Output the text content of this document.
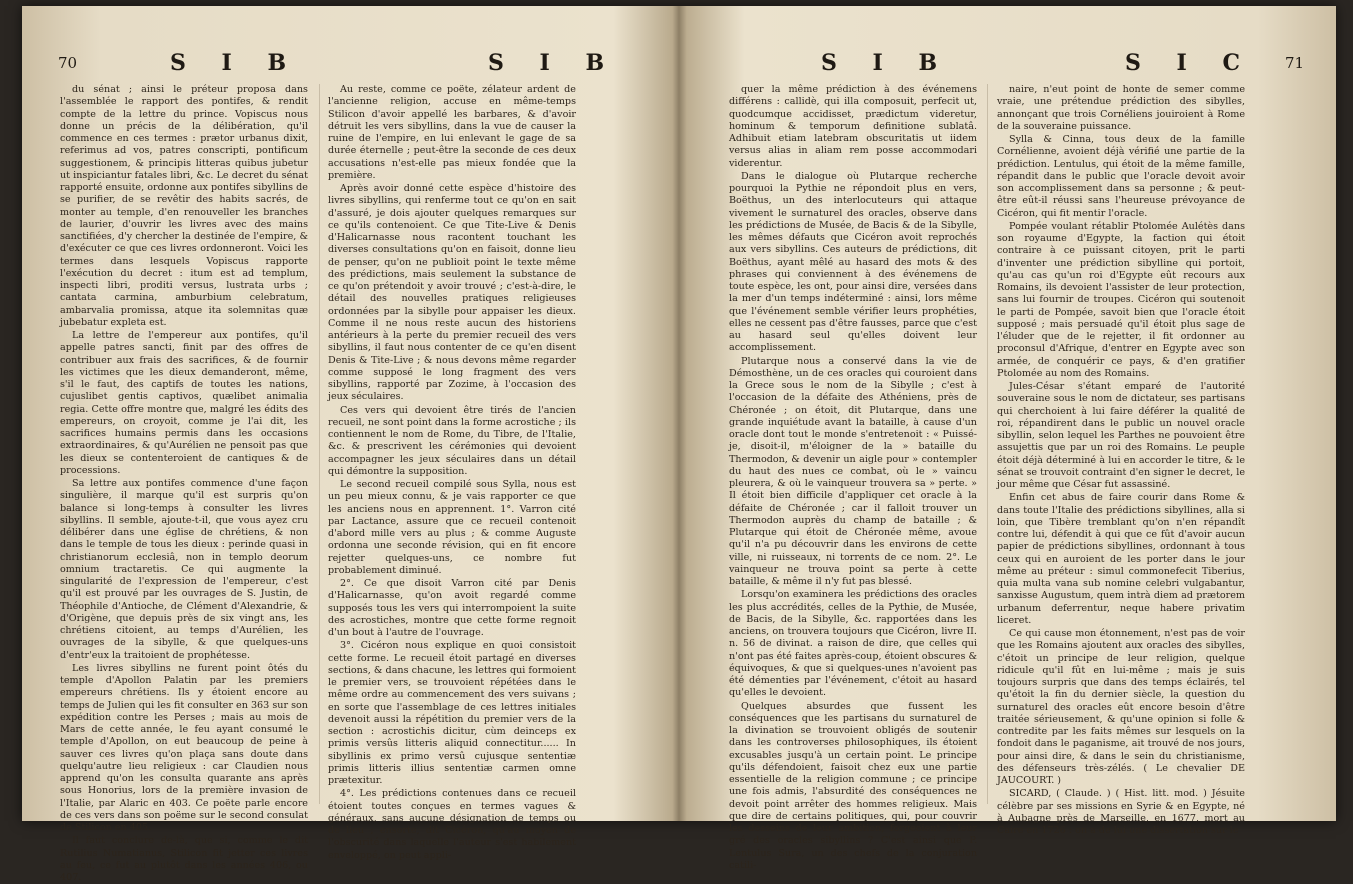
70	S I B	S I B

du sénat ; ainsi le préteur proposa dans l'assemblée le rapport des pontifes, & rendit compte de la lettre du prince. Vopiscus nous donne un précis de la délibération, qu'il commence en ces termes : prætor urbanus dixit, referimus ad vos, patres conscripti, pontificum suggestionem, & principis litteras quibus jubetur ut inspiciantur fatales libri, &c. Le decret du sénat rapporté ensuite, ordonne aux pontifes sibyllins de se purifier, de se revêtir des habits sacrés, de monter au temple, d'en renouveller les branches de laurier, d'ouvrir les livres avec des mains sanctifiées, d'y chercher la destinée de l'empire, & d'exécuter ce que ces livres ordonneront. Voici les termes dans lesquels Vopiscus rapporte l'exécution du decret : itum est ad templum, inspecti libri, proditi versus, lustrata urbs ; cantata carmina, amburbium celebratum, ambarvalia promissa, atque ita solemnitas quæ jubebatur expleta est.

La lettre de l'empereur aux pontifes, qu'il appelle patres sancti, finit par des offres de contribuer aux frais des sacrifices, & de fournir les victimes que les dieux demanderont, même, s'il le faut, des captifs de toutes les nations, cujuslibet gentis captivos, quælibet animalia regia. Cette offre montre que, malgré les édits des empereurs, on croyoit, comme je l'ai dit, les sacrifices humains permis dans les occasions extraordinaires, & qu'Aurélien ne pensoit pas que les dieux se contenteroient de cantiques & de processions.

Sa lettre aux pontifes commence d'une façon singulière, il marque qu'il est surpris qu'on balance si long-temps à consulter les livres sibyllins. Il semble, ajoute-t-il, que vous ayez cru délibérer dans une église de chrétiens, & non dans le temple de tous les dieux : perinde quasi in christianorum ecclesiâ, non in templo deorum omnium tractaretis. Ce qui augmente la singularité de l'expression de l'empereur, c'est qu'il est prouvé par les ouvrages de S. Justin, de Théophile d'Antioche, de Clément d'Alexandrie, & d'Origène, que depuis près de six vingt ans, les chrétiens citoient, au temps d'Aurélien, les ouvrages de la sibylle, & que quelques-uns d'entr'eux la traitoient de prophétesse.

Les livres sibyllins ne furent point ôtés du temple d'Apollon Palatin par les premiers empereurs chrétiens. Ils y étoient encore au temps de Julien qui les fit consulter en 363 sur son expédition contre les Perses ; mais au mois de Mars de cette année, le feu ayant consumé le temple d'Apollon, on eut beaucoup de peine à sauver ces livres qu'on plaça sans doute dans quelqu'autre lieu religieux : car Claudien nous apprend qu'on les consulta quarante ans après sous Honorius, lors de la première invasion de l'Italie, par Alaric en 403. Ce poëte parle encore de ces vers dans son poëme sur le second consulat de Stilicon en 405.

Il faut conclure de-là, que si, comme le dit Rutilius Numatianus, Stilicon fit jetter ces livres au feu, ce fut au plutôt dans les années 406, ou 407.

Au reste, comme ce poëte, zélateur ardent de l'ancienne religion, accuse en même-temps Stilicon d'avoir appellé les barbares, & d'avoir détruit les vers sibyllins, dans la vue de causer la ruine de l'empire, en lui enlevant le gage de sa durée éternelle ; peut-être la seconde de ces deux accusations n'est-elle pas mieux fondée que la première.

Après avoir donné cette espèce d'histoire des livres sibyllins, qui renferme tout ce qu'on en sait d'assuré, je dois ajouter quelques remarques sur ce qu'ils contenoient. Ce que Tite-Live & Denis d'Halicarnasse nous racontent touchant les diverses consultations qu'on en faisoit, donne lieu de penser, qu'on ne publioit point le texte même des prédictions, mais seulement la substance de ce qu'on prétendoit y avoir trouvé ; c'est-à-dire, le détail des nouvelles pratiques religieuses ordonnées par la sibylle pour appaiser les dieux. Comme il ne nous reste aucun des historiens antérieurs à la perte du premier recueil des vers sibyllins, il faut nous contenter de ce qu'en disent Denis & Tite-Live ; & nous devons même regarder comme supposé le long fragment des vers sibyllins, rapporté par Zozime, à l'occasion des jeux séculaires.

Ces vers qui devoient être tirés de l'ancien recueil, ne sont point dans la forme acrostiche ; ils contiennent le nom de Rome, du Tibre, de l'Italie, &c. & prescrivent les cérémonies qui devoient accompagner les jeux séculaires dans un détail qui démontre la supposition.

Le second recueil compilé sous Sylla, nous est un peu mieux connu, & je vais rapporter ce que les anciens nous en apprennent. 1°. Varron cité par Lactance, assure que ce recueil contenoit d'abord mille vers au plus ; & comme Auguste ordonna une seconde révision, qui en fit encore rejetter quelques-uns, ce nombre fut probablement diminué.

2°. Ce que disoit Varron cité par Denis d'Halicarnasse, qu'on avoit regardé comme supposés tous les vers qui interrompoient la suite des acrostiches, montre que cette forme regnoit d'un bout à l'autre de l'ouvrage.

3°. Cicéron nous explique en quoi consistoit cette forme. Le recueil étoit partagé en diverses sections, & dans chacune, les lettres qui formoient le premier vers, se trouvoient répétées dans le même ordre au commencement des vers suivans ; en sorte que l'assemblage de ces lettres initiales devenoit aussi la répétition du premier vers de la section : acrostichis dicitur, cùm deinceps ex primis versûs litteris aliquid connectitur...... In sibyllinis ex primo versû cujusque sententiæ primis litteris illius sententiæ carmen omne prætexitur.

4°. Les prédictions contenues dans ce recueil étoient toutes conçues en termes vagues & généraux, sans aucune désignation de temps ou de lieu ; ensorte, dit Cicéron, qu'au moyen de l'obscurité dans laquelle l'auteur s'est habilement enveloppé, on peut appli-

S I B	S I C 71

quer la même prédiction à des événemens différens : callidè, qui illa composuit, perfecit ut, quodcumque accidisset, prædictum videretur, hominum & temporum definitione sublatâ. Adhibuit etiam latebram obscuritatis ut iidem versus alias in aliam rem posse accommodari viderentur.

Dans le dialogue où Plutarque recherche pourquoi la Pythie ne répondoit plus en vers, Boëthus, un des interlocuteurs qui attaque vivement le surnaturel des oracles, observe dans les prédictions de Musée, de Bacis & de la Sibylle, les mêmes défauts que Cicéron avoit reprochés aux vers sibyllins. Ces auteurs de prédictions, dit Boëthus, ayant mêlé au hasard des mots & des phrases qui conviennent à des événemens de toute espèce, les ont, pour ainsi dire, versées dans la mer d'un temps indéterminé : ainsi, lors même que l'événement semble vérifier leurs prophéties, elles ne cessent pas d'être fausses, parce que c'est au hasard seul qu'elles doivent leur accomplissement.

Plutarque nous a conservé dans la vie de Démosthène, un de ces oracles qui couroient dans la Grece sous le nom de la Sibylle ; c'est à l'occasion de la défaite des Athéniens, près de Chéronée ; on étoit, dit Plutarque, dans une grande inquiétude avant la bataille, à cause d'un oracle dont tout le monde s'entretenoit : « Puissé-je, disoit-il, m'éloigner de la » bataille du Thermodon, & devenir un aigle pour » contempler du haut des nues ce combat, où le » vaincu pleurera, & où le vainqueur trouvera sa » perte. » Il étoit bien difficile d'appliquer cet oracle à la défaite de Chéronée ; car il falloit trouver un Thermodon auprès du champ de bataille ; & Plutarque qui étoit de Chéronée même, avoue qu'il n'a pu découvrir dans les environs de cette ville, ni ruisseaux, ni torrents de ce nom. 2°. Le vainqueur ne trouva point sa perte à cette bataille, & même il n'y fut pas blessé.

Lorsqu'on examinera les prédictions des oracles les plus accrédités, celles de la Pythie, de Musée, de Bacis, de la Sibylle, &c. rapportées dans les anciens, on trouvera toujours que Cicéron, livre II. n. 56 de divinat. a raison de dire, que celles qui n'ont pas été faites après-coup, étoient obscures & équivoques, & que si quelques-unes n'avoient pas été démenties par l'événement, c'étoit au hasard qu'elles le devoient.

Quelques absurdes que fussent les conséquences que les partisans du surnaturel de la divination se trouvoient obligés de soutenir dans les controverses philosophiques, ils étoient excusables jusqu'à un certain point. Le principe qu'ils défendoient, faisoit chez eux une partie essentielle de la religion commune ; ce principe une fois admis, l'absurdité des conséquences ne devoit point arrêter des hommes religieux. Mais que dire de certains politiques, qui, pour couvrir les desseins de leur ambition, forgeoient à leur gré des oracles sibyllins ? C'est ainsi que P. Lentulus Sura, un des chefs de la conjuration catili-

naire, n'eut point de honte de semer comme vraie, une prétendue prédiction des sibylles, annonçant que trois Cornéliens jouiroient à Rome de la souveraine puissance.

Sylla & Cinna, tous deux de la famille Cornélienne, avoient déjà vérifié une partie de la prédiction. Lentulus, qui étoit de la même famille, répandit dans le public que l'oracle devoit avoir son accomplissement dans sa personne ; & peut-être eût-il réussi sans l'heureuse prévoyance de Cicéron, qui fit mentir l'oracle.

Pompée voulant rétablir Ptolomée Aulétès dans son royaume d'Egypte, la faction qui étoit contraire à ce puissant citoyen, prit le parti d'inventer une prédiction sibylline qui portoit, qu'au cas qu'un roi d'Egypte eût recours aux Romains, ils devoient l'assister de leur protection, sans lui fournir de troupes. Cicéron qui soutenoit le parti de Pompée, savoit bien que l'oracle étoit supposé ; mais persuadé qu'il étoit plus sage de l'éluder que de le rejetter, il fit ordonner au proconsul d'Afrique, d'entrer en Egypte avec son armée, de conquérir ce pays, & d'en gratifier Ptolomée au nom des Romains.

Jules-César s'étant emparé de l'autorité souveraine sous le nom de dictateur, ses partisans qui cherchoient à lui faire déférer la qualité de roi, répandirent dans le public un nouvel oracle sibyllin, selon lequel les Parthes ne pouvoient être assujettis que par un roi des Romains. Le peuple étoit déjà déterminé à lui en accorder le titre, & le sénat se trouvoit contraint d'en signer le decret, le jour même que César fut assassiné.

Enfin cet abus de faire courir dans Rome & dans toute l'Italie des prédictions sibyllines, alla si loin, que Tibère tremblant qu'on n'en répandît contre lui, défendit à qui que ce fût d'avoir aucun papier de prédictions sibyllines, ordonnant à tous ceux qui en auroient de les porter dans le jour même au préteur : simul commonefecit Tiberius, quia multa vana sub nomine celebri vulgabantur, sanxisse Augustum, quem intrà diem ad prætorem urbanum deferrentur, neque habere privatim liceret.

Ce qui cause mon étonnement, n'est pas de voir que les Romains ajoutent aux oracles des sibylles, c'étoit un principe de leur religion, quelque ridicule qu'il fût en lui-même ; mais je suis toujours surpris que dans des temps éclairés, tel qu'étoit la fin du dernier siècle, la question du surnaturel des oracles eût encore besoin d'être traitée sérieusement, & qu'une opinion si folle & contredite par les faits mêmes sur lesquels on la fondoit dans le paganisme, ait trouvé de nos jours, pour ainsi dire, & dans le sein du christianisme, des défenseurs très-zélés. ( Le chevalier DE JAUCOURT. )

SICARD, ( Claude. ) ( Hist. litt. mod. ) Jésuite célèbre par ses missions en Syrie & en Egypte, né à Aubagne près de Marseille, en 1677, mort au Caire en 1726 : on a de lui une dissertation sur le
